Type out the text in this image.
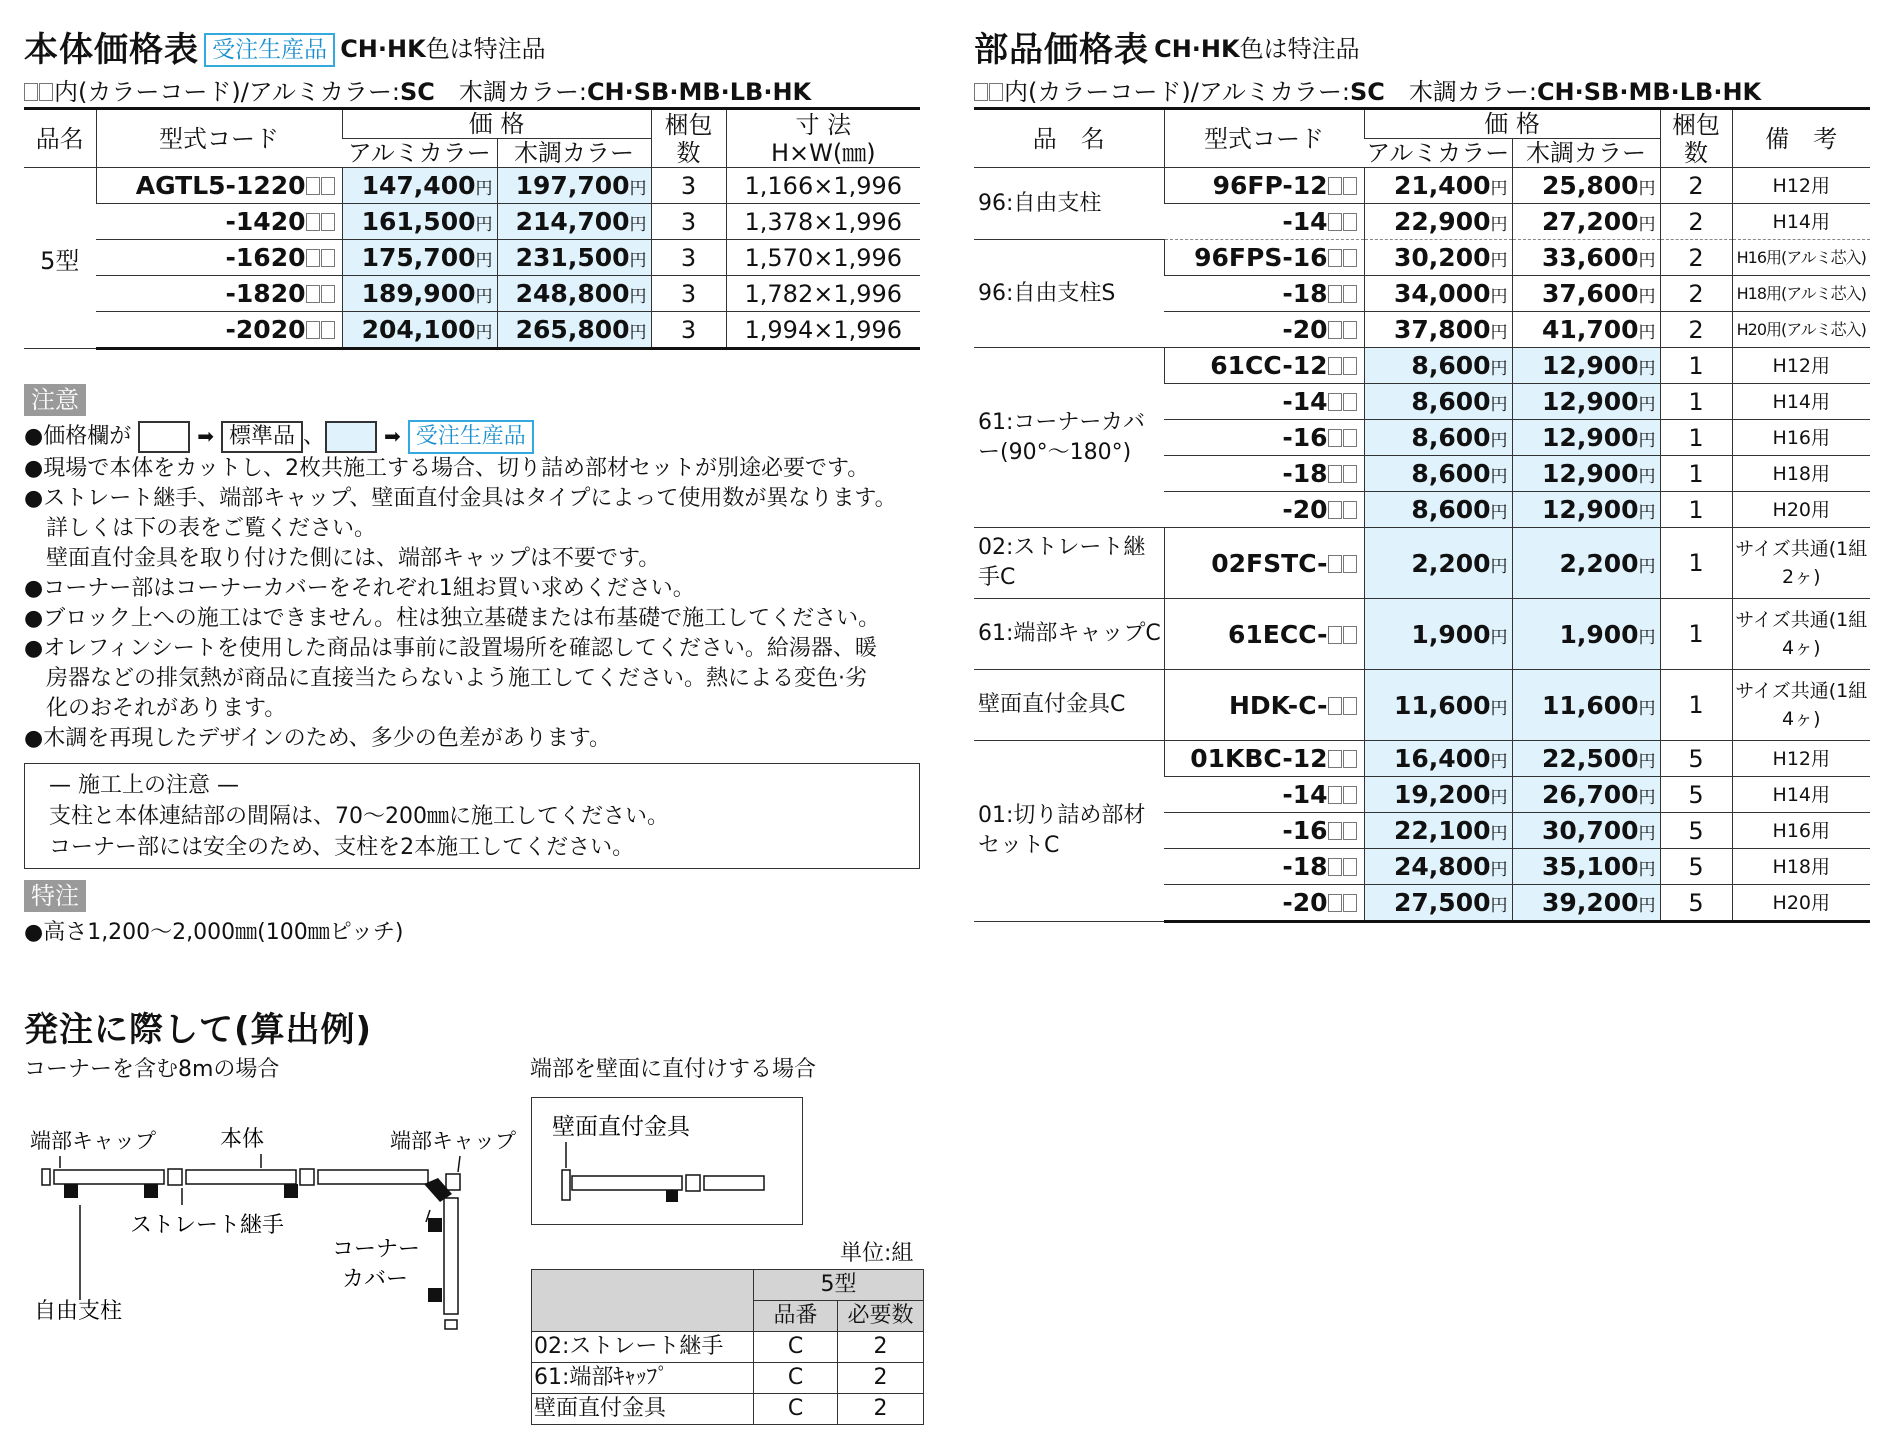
本体価格表 受注生産品 CH·HK色は特注品
内(カラーコード)/アルミカラー:SC　 木調カラー:CH·SB·MB·LB·HK
品名	型式コード	価 格		梱包
数	寸 法
H×W(㎜)
		アルミカラー	木調カラー		
5型	AGTL5-1220	147,400円	197,700円	3	1,166×1,996
	-1420	161,500円	214,700円	3	1,378×1,996
	-1620	175,700円	231,500円	3	1,570×1,996
	-1820	189,900円	248,800円	3	1,782×1,996
	-2020	204,100円	265,800円	3	1,994×1,996
注意

●価格欄が	➡ 標準品 、	➡ 受注生産品

●現場で本体をカットし、2枚共施工する場合、切り詰め部材セットが別途必要です。

●ストレート継手、端部キャップ、壁面直付金具はタイプによって使用数が異なります。

　詳しくは下の表をご覧ください。

　壁面直付金具を取り付けた側には、端部キャップは不要です。

●コーナー部はコーナーカバーをそれぞれ1組お買い求めください。

●ブロック上への施工はできません。柱は独立基礎または布基礎で施工してください。

●オレフィンシートを使用した商品は事前に設置場所を確認してください。給湯器、暖

　房器などの排気熱が商品に直接当たらないよう施工してください。熱による変色·劣

　化のおそれがあります。

●木調を再現したデザインのため、多少の色差があります。

— 施工上の注意 —
支柱と本体連結部の間隔は、70〜200㎜に施工してください。
コーナー部には安全のため、支柱を2本施工してください。
特注
●高さ1,200〜2,000㎜(100㎜ピッチ)
発注に際して(算出例)
コーナーを含む8mの場合	端部を壁面に直付けする場合
端部キャップ	本体	端部キャップ
ストレート継手
コーナー
カバー
自由支柱
壁面直付金具
単位:組
	5型	
	品番	必要数
02:ストレート継手	C	2
61:端部ｷｬｯﾌﾟ	C	2
壁面直付金具	C	2
部品価格表 CH·HK色は特注品
内(カラーコード)/アルミカラー:SC　 木調カラー:CH·SB·MB·LB·HK
品　名	型式コード	価 格		梱包
数	備　考
		アルミカラー	木調カラー		
96:自由支柱	96FP-12	21,400円	25,800円	2	H12用
	-14	22,900円	27,200円	2	H14用
96:自由支柱S	96FPS-16	30,200円	33,600円	2	H16用(アルミ芯入)
	-18	34,000円	37,600円	2	H18用(アルミ芯入)
	-20	37,800円	41,700円	2	H20用(アルミ芯入)
61:コーナーカバー(90°〜180°)	61CC-12	8,600円	12,900円	1	H12用
	-14	8,600円	12,900円	1	H14用
	-16	8,600円	12,900円	1	H16用
	-18	8,600円	12,900円	1	H18用
	-20	8,600円	12,900円	1	H20用
02:ストレート継手C	02FSTC-	2,200円	2,200円	1	サイズ共通(1組2ヶ)
61:端部キャップC	61ECC-	1,900円	1,900円	1	サイズ共通(1組4ヶ)
壁面直付金具C	HDK-C-	11,600円	11,600円	1	サイズ共通(1組4ヶ)
01:切り詰め部材セットC	01KBC-12	16,400円	22,500円	5	H12用
	-14	19,200円	26,700円	5	H14用
	-16	22,100円	30,700円	5	H16用
	-18	24,800円	35,100円	5	H18用
	-20	27,500円	39,200円	5	H20用
